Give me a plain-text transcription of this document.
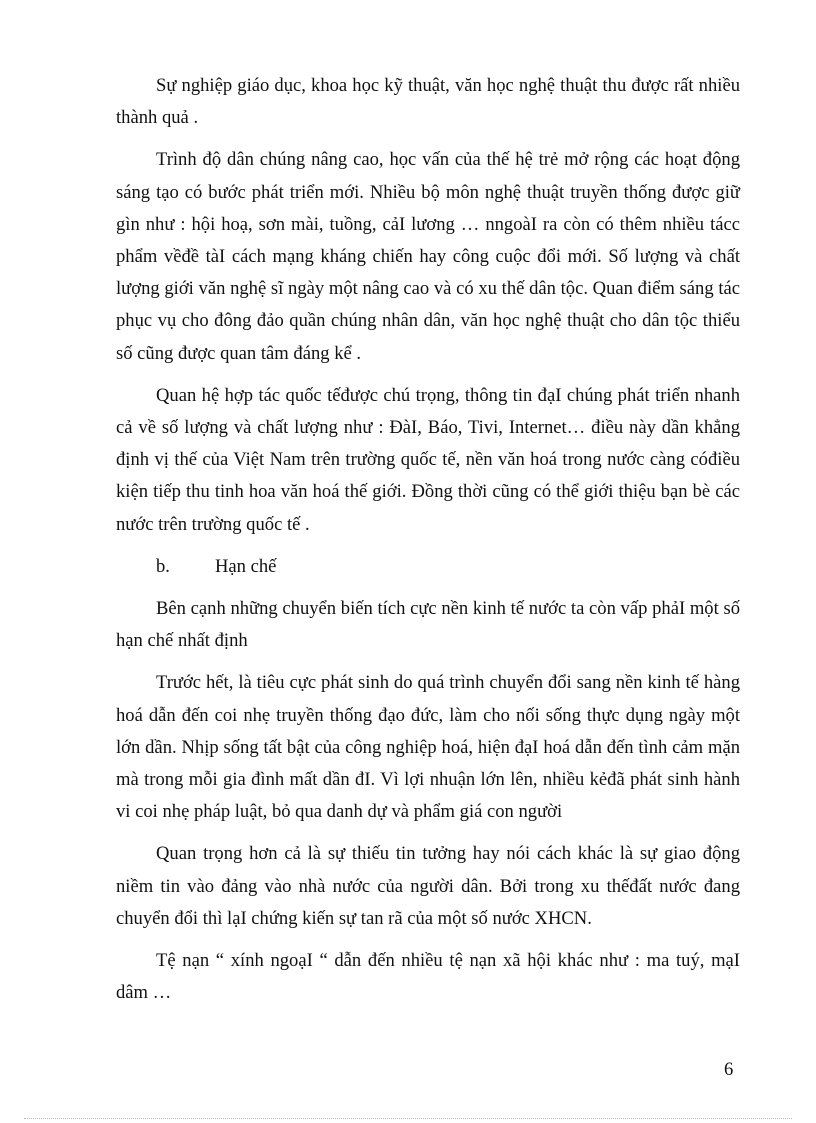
Sự nghiệp giáo dục, khoa học kỹ thuật, văn học nghệ thuật thu được rất nhiều thành quả .

Trình độ dân chúng nâng cao, học vấn của thế hệ trẻ mở rộng các hoạt động sáng tạo có bước phát triển mới. Nhiều bộ môn nghệ thuật truyền thống được giữ gìn như : hội hoạ, sơn mài, tuồng, cảI lương … nngoàI ra còn có thêm nhiều tácc phẩm vềđề tàI cách mạng kháng chiến hay công cuộc đổi mới. Số lượng và chất lượng giới văn nghệ sĩ ngày một nâng cao và có xu thế dân tộc. Quan điểm sáng tác phục vụ cho đông đảo quần chúng nhân dân, văn học nghệ thuật cho dân tộc thiểu số cũng được quan tâm đáng kể .

Quan hệ hợp tác quốc tếđược chú trọng, thông tin đạI chúng phát triển nhanh cả về số lượng và chất lượng như : ĐàI, Báo, Tivi, Internet… điều này dần khẳng định vị thế của Việt Nam trên trường quốc tế, nền văn hoá trong nước càng cóđiều kiện tiếp thu tinh hoa văn hoá thế giới. Đồng thời cũng có thể giới thiệu bạn bè các nước trên trường quốc tế .

b. Hạn chế

Bên cạnh những chuyển biến tích cực nền kinh tế nước ta còn vấp phảI một số hạn chế nhất định

Trước hết, là tiêu cực phát sinh do quá trình chuyển đổi sang nền kinh tế hàng hoá dẫn đến coi nhẹ truyền thống đạo đức, làm cho nối sống thực dụng ngày một lớn dần. Nhịp sống tất bật của công nghiệp hoá, hiện đạI hoá dẫn đến tình cảm mặn mà trong mỗi gia đình mất dần đI. Vì lợi nhuận lớn lên, nhiều kẻđã phát sinh hành vi coi nhẹ pháp luật, bỏ qua danh dự và phẩm giá con người

Quan trọng hơn cả là sự thiếu tin tưởng hay nói cách khác là sự giao động niềm tin vào đảng vào nhà nước của người dân. Bởi trong xu thếđất nước đang chuyển đổi thì lạI chứng kiến sự tan rã của một số nước XHCN.

Tệ nạn “ xính ngoạI “ dẫn đến nhiều tệ nạn xã hội khác như : ma tuý, mạI dâm …

6
